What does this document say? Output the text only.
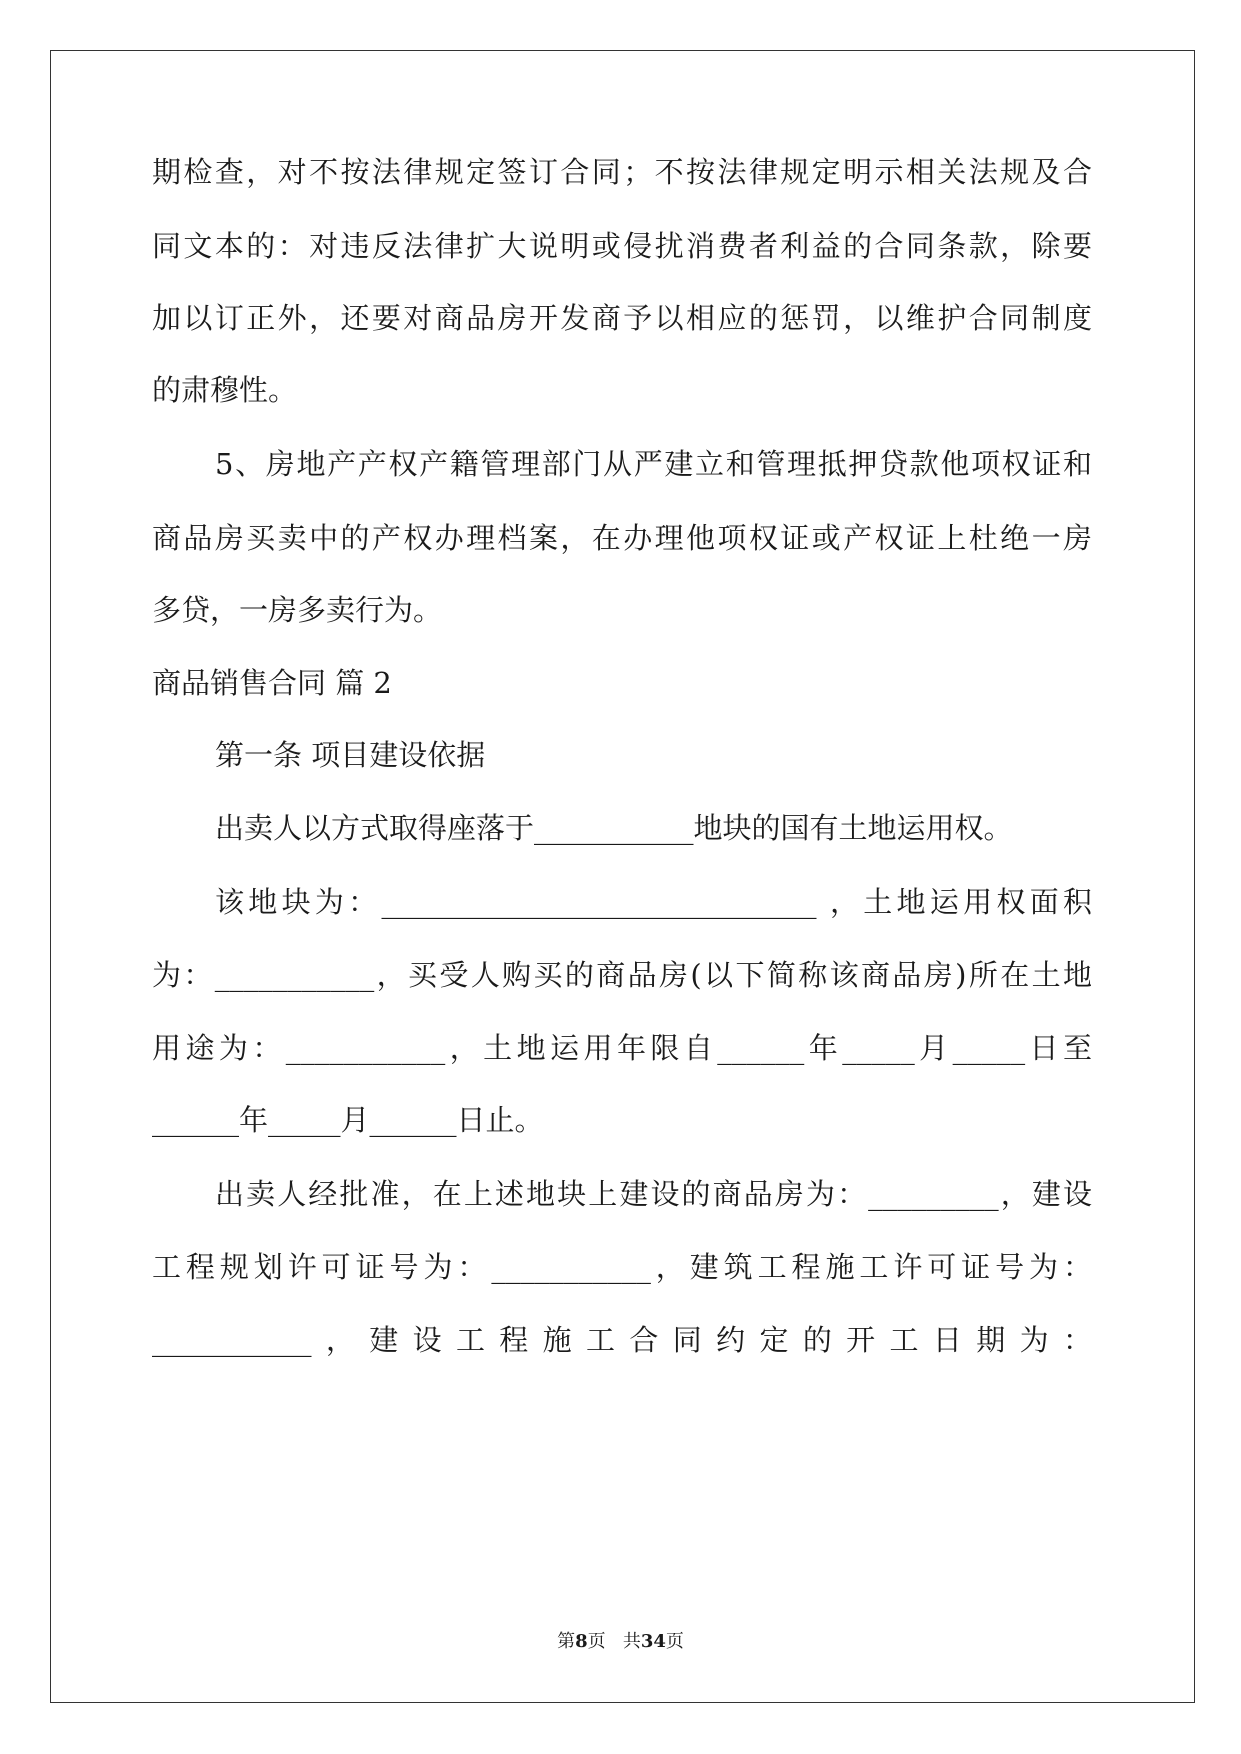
期检查，对不按法律规定签订合同；不按法律规定明示相关法规及合
同文本的：对违反法律扩大说明或侵扰消费者利益的合同条款，除要
加以订正外，还要对商品房开发商予以相应的惩罚，以维护合同制度
的肃穆性。
5、房地产产权产籍管理部门从严建立和管理抵押贷款他项权证和
商品房买卖中的产权办理档案，在办理他项权证或产权证上杜绝一房
多贷，一房多卖行为。
商品销售合同 篇 2
第一条 项目建设依据
出卖人以方式取得座落于___________地块的国有土地运用权。
该地块为：______________________________ ，土地运用权面积
为：___________，买受人购买的商品房(以下简称该商品房)所在土地
用途为：___________，土地运用年限自______年_____月_____日至
______年_____月______日止。
出卖人经批准，在上述地块上建设的商品房为：_________，建设
工程规划许可证号为：___________，建筑工程施工许可证号为：
___________，建设工程施工合同约定的开工日期为：
第8页 共34页
